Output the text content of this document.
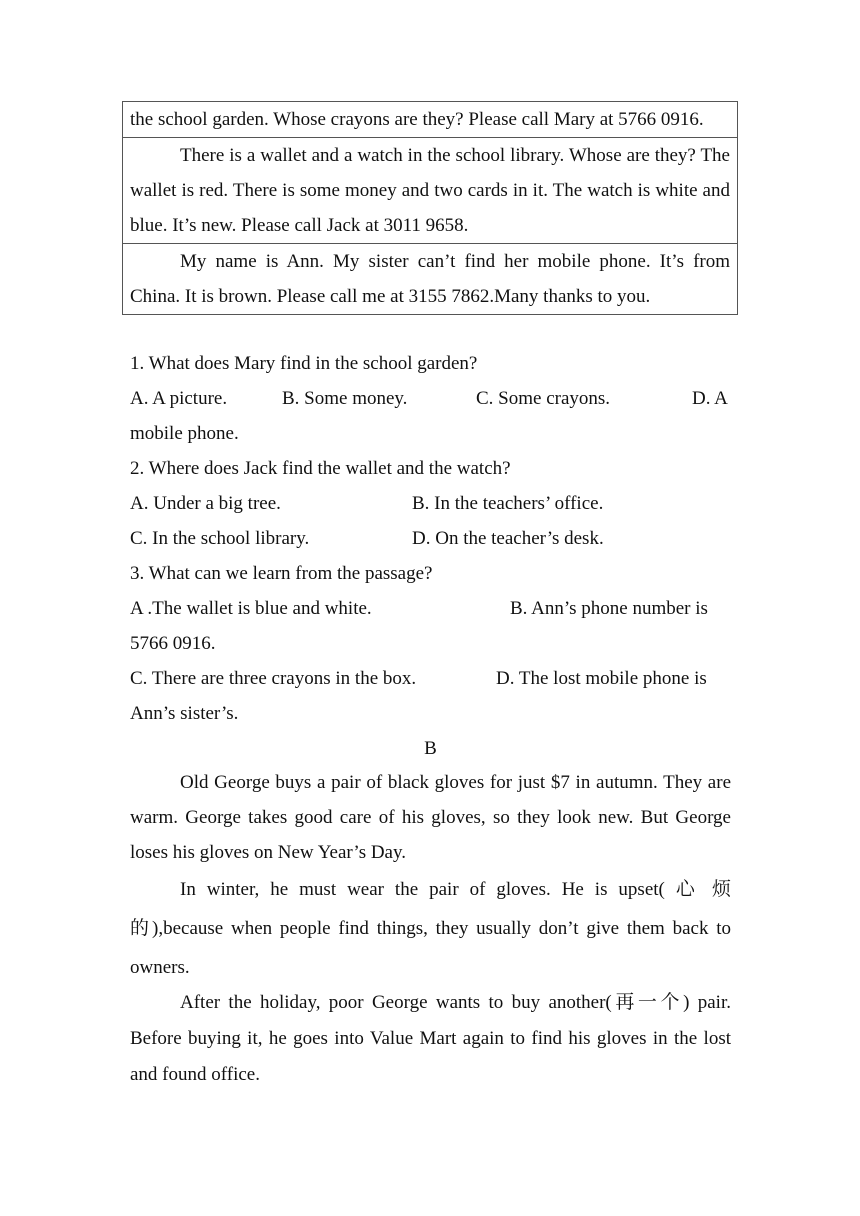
the school garden. Whose crayons are they? Please call Mary at 5766 0916.
There is a wallet and a watch in the school library. Whose are they? The wallet is red. There is some money and two cards in it. The watch is white and blue. It’s new. Please call Jack at 3011 9658.
My name is Ann. My sister can’t find her mobile phone. It’s from China. It is brown. Please call me at 3155 7862.Many thanks to you.
1. What does Mary find in the school garden?
A. A picture.	B. Some money.	C. Some crayons.	D. A
mobile phone.
2. Where does Jack find the wallet and the watch?
A. Under a big tree.	B. In the teachers’ office.
C. In the school library.	D. On the teacher’s desk.
3. What can we learn from the passage?
A .The wallet is blue and white.	B. Ann’s phone number is
5766 0916.
C. There are three crayons in the box.	D. The lost mobile phone is
Ann’s sister’s.
B

Old George buys a pair of black gloves for just $7 in autumn. They are warm. George takes good care of his gloves, so they look new. But George loses his gloves on New Year’s Day.

In winter, he must wear the pair of gloves. He is upset( 心 烦 的),because when people find things, they usually don’t give them back to owners.

After the holiday, poor George wants to buy another(再一个) pair. Before buying it, he goes into Value Mart again to find his gloves in the lost and found office.
